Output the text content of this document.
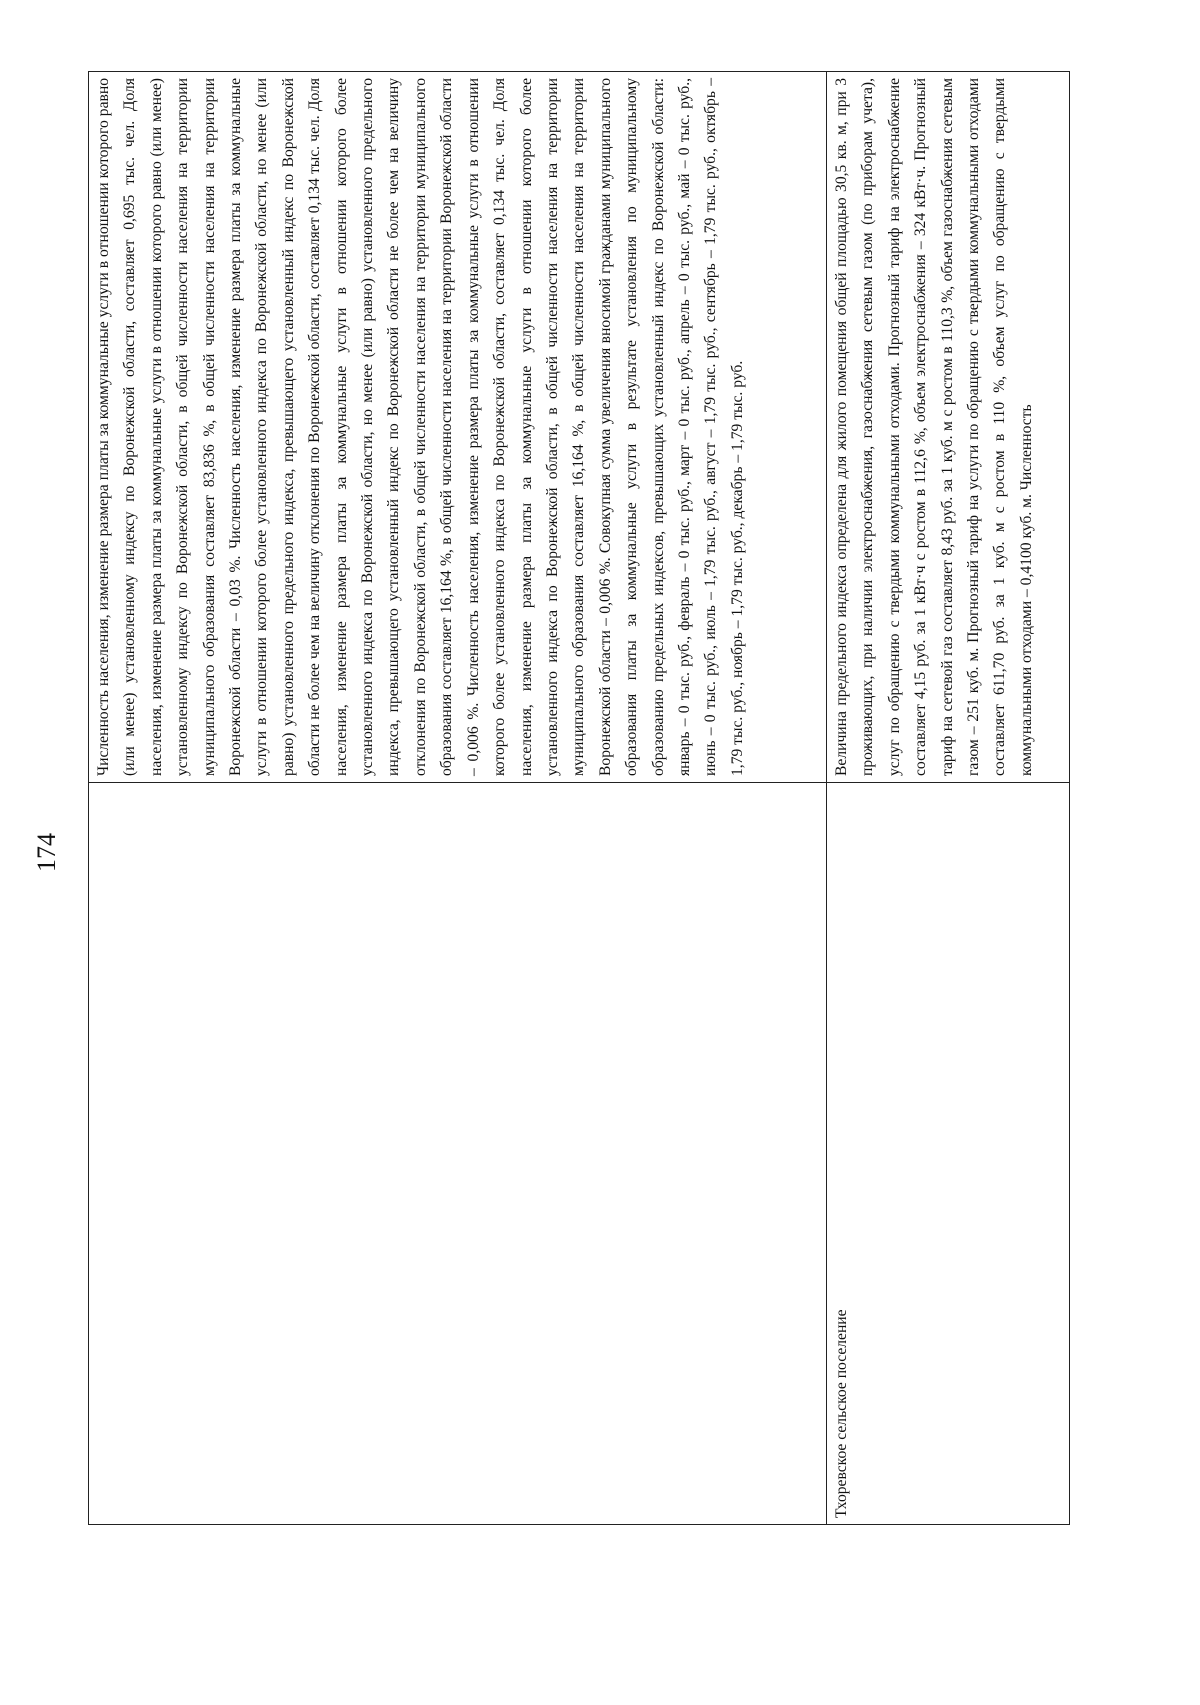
174
	Численность населения, изменение размера платы за коммунальные услуги в отношении которого равно (или менее) установленному индексу по Воронежской области, составляет 0,695 тыс. чел. Доля населения, изменение размера платы за коммунальные услуги в отношении которого равно (или менее) установленному индексу по Воронежской области, в общей численности населения на территории муниципального образования составляет 83,836 %, в общей численности населения на территории Воронежской области – 0,03 %. Численность населения, изменение размера платы за коммунальные услуги в отношении которого более установленного индекса по Воронежской области, но менее (или равно) установленного предельного индекса, превышающего установленный индекс по Воронежской области не более чем на величину отклонения по Воронежской области, составляет 0,134 тыс. чел. Доля населения, изменение размера платы за коммунальные услуги в отношении которого более установленного индекса по Воронежской области, но менее (или равно) установленного предельного индекса, превышающего установленный индекс по Воронежской области не более чем на величину отклонения по Воронежской области, в общей численности населения на территории муниципального образования составляет 16,164 %, в общей численности населения на территории Воронежской области – 0,006 %. Численность населения, изменение размера платы за коммунальные услуги в отношении которого более установленного индекса по Воронежской области, составляет 0,134 тыс. чел. Доля населения, изменение размера платы за коммунальные услуги в отношении которого более установленного индекса по Воронежской области, в общей численности населения на территории муниципального образования составляет 16,164 %, в общей численности населения на территории Воронежской области – 0,006 %. Совокупная сумма увеличения вносимой гражданами муниципального образования платы за коммунальные услуги в результате установления по муниципальному образованию предельных индексов, превышающих установленный индекс по Воронежской области: январь – 0 тыс. руб., февраль – 0 тыс. руб., март – 0 тыс. руб., апрель – 0 тыс. руб., май – 0 тыс. руб., июнь – 0 тыс. руб., июль – 1,79 тыс. руб., август – 1,79 тыс. руб., сентябрь – 1,79 тыс. руб., октябрь – 1,79 тыс. руб., ноябрь – 1,79 тыс. руб., декабрь – 1,79 тыс. руб.
Тхоревское сельское поселение	Величина предельного индекса определена для жилого помещения общей площадью 30,5 кв. м, при 3 проживающих, при наличии электроснабжения, газоснабжения сетевым газом (по приборам учета), услуг по обращению с твердыми коммунальными отходами. Прогнозный тариф на электроснабжение составляет 4,15 руб. за 1 кВт·ч с ростом в 112,6 %, объем электроснабжения – 324 кВт·ч. Прогнозный тариф на сетевой газ составляет 8,43 руб. за 1 куб. м с ростом в 110,3 %, объем газоснабжения сетевым газом – 251 куб. м. Прогнозный тариф на услуги по обращению с твердыми коммунальными отходами составляет 611,70 руб. за 1 куб. м с ростом в 110 %, объем услуг по обращению с твердыми коммунальными отходами – 0,4100 куб. м. Численность
